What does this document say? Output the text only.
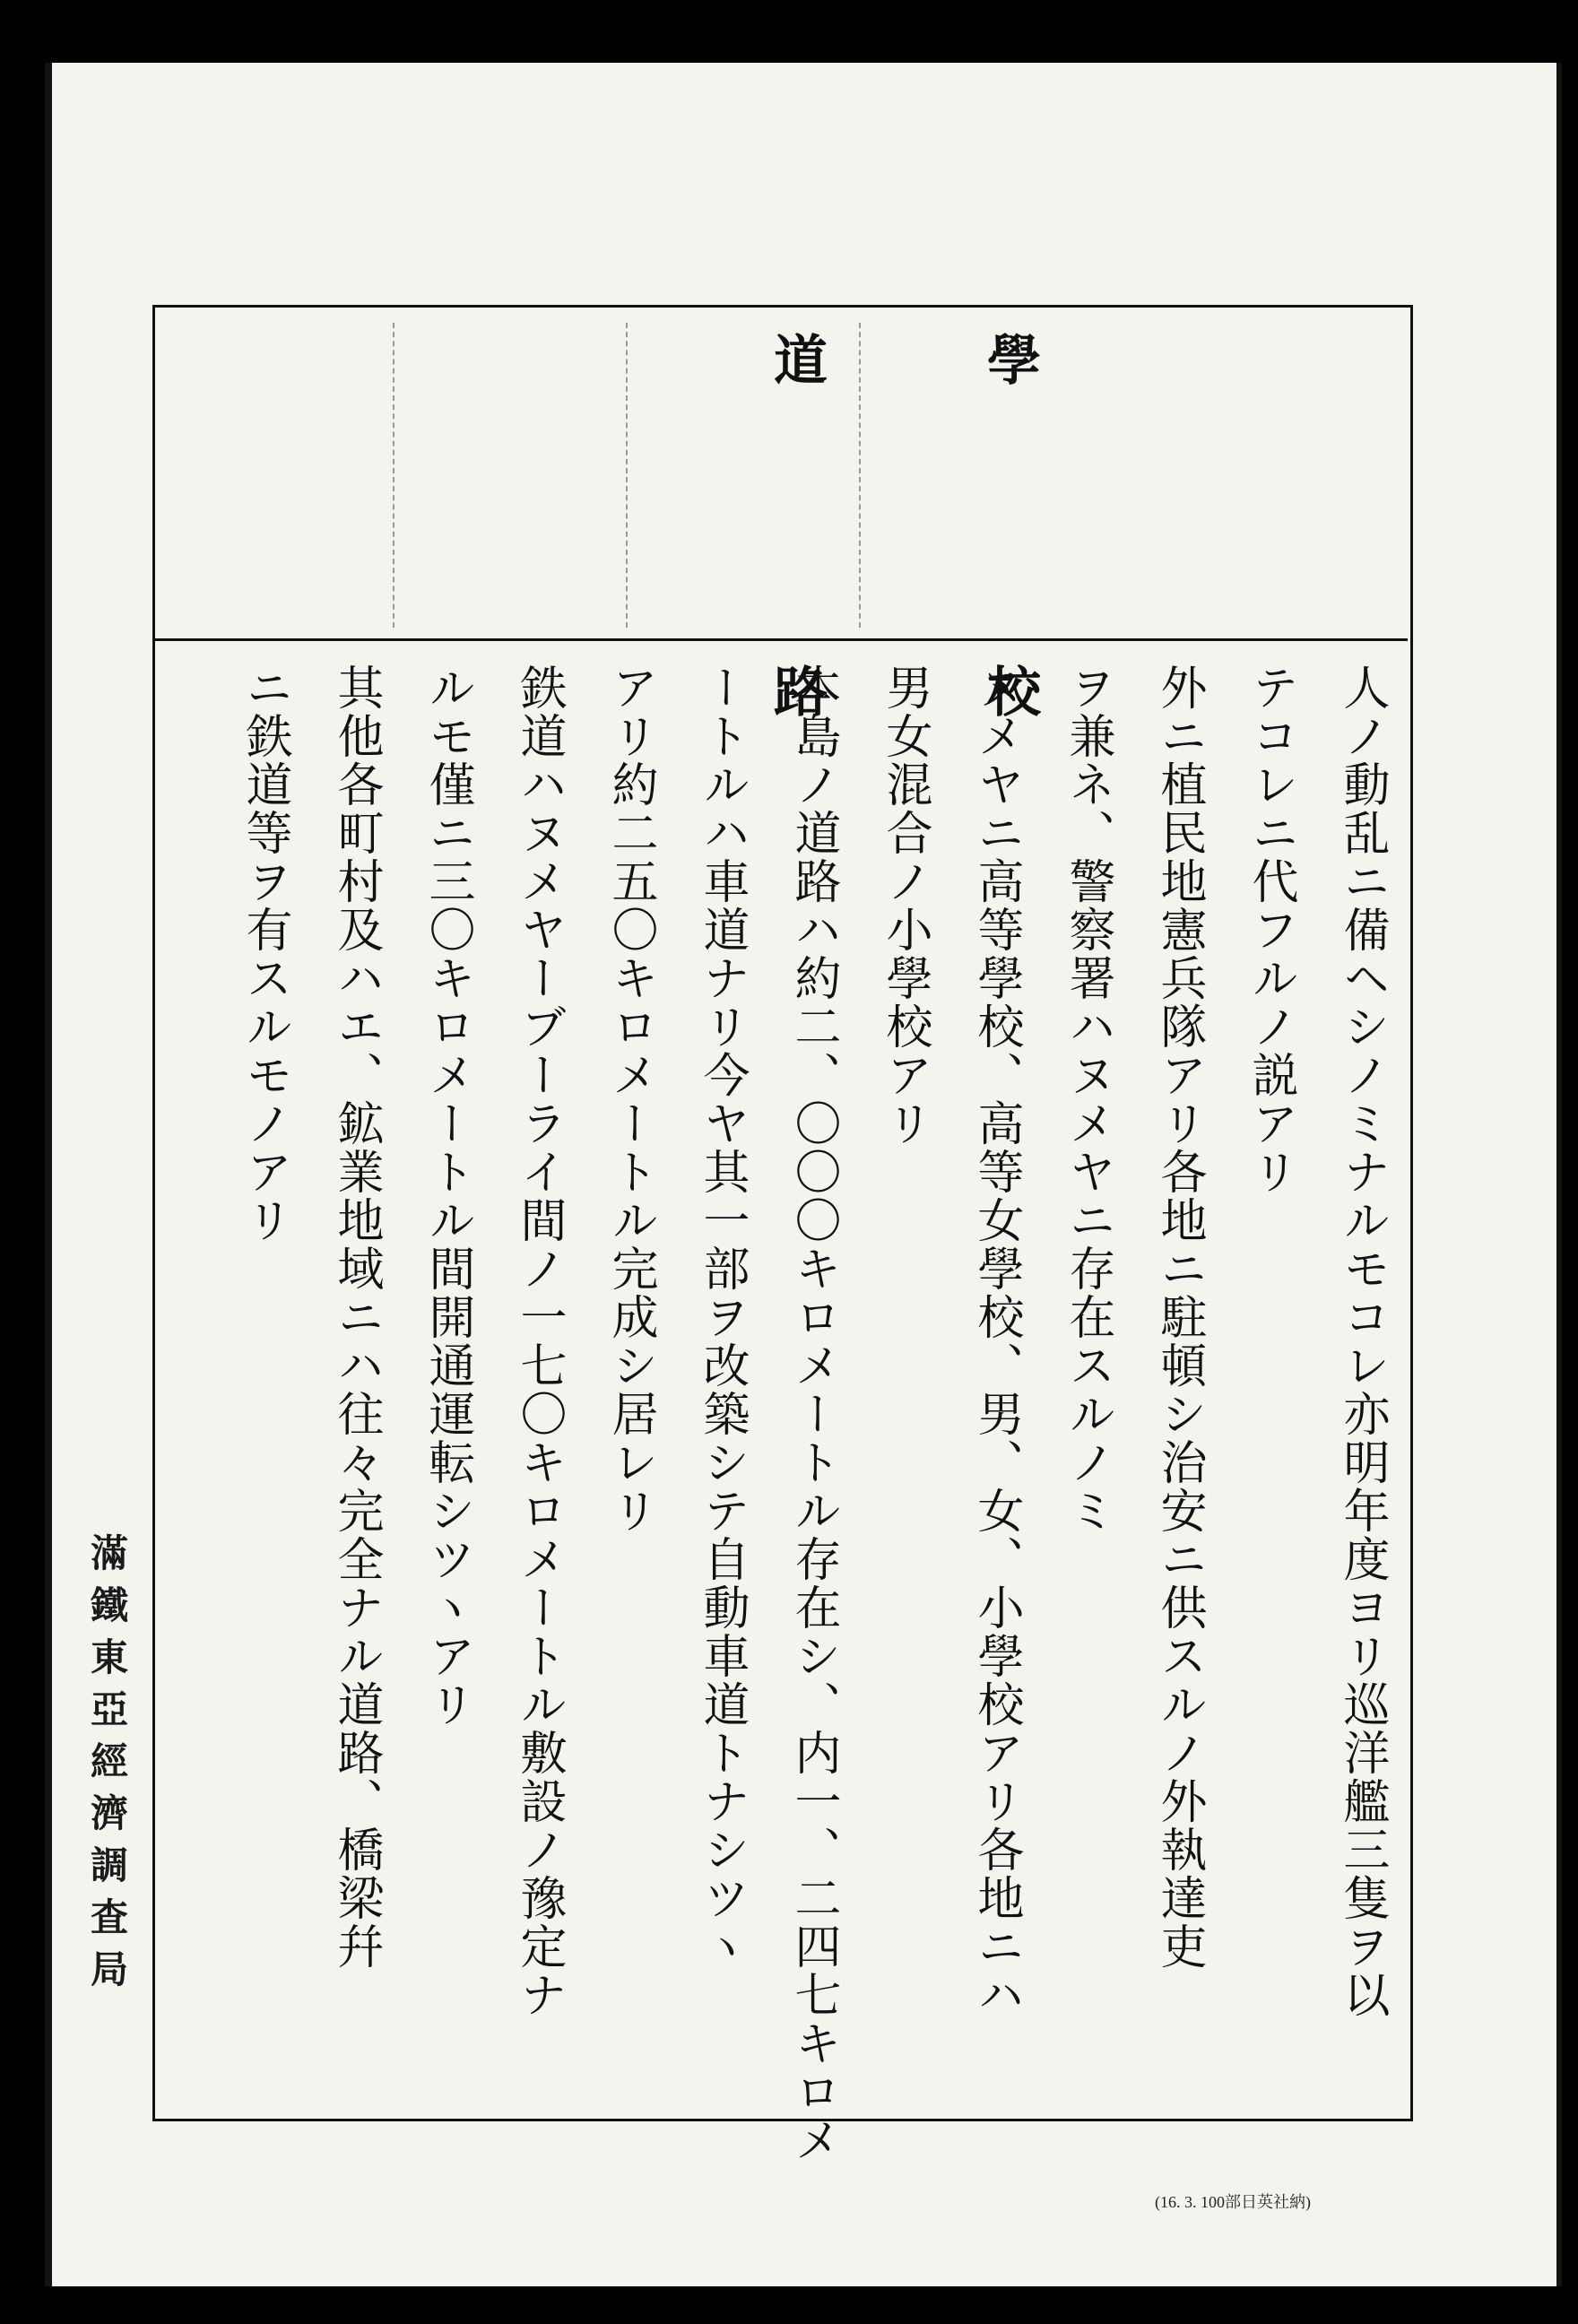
學 校
道 路
人ノ動乱ニ備ヘシノミナルモコレ亦明年度ヨリ巡洋艦三隻ヲ以
テコレニ代フルノ説アリ
外ニ植民地憲兵隊アリ各地ニ駐頓シ治安ニ供スルノ外執達吏
ヲ兼ネ、警察署ハヌメヤニ存在スルノミ
ヌメヤニ高等學校、高等女學校、男、女、小學校アリ各地ニハ
男女混合ノ小學校アリ
本島ノ道路ハ約二、〇〇〇キロメートル存在シ、内一、二四七キロメ
ートルハ車道ナリ今ヤ其一部ヲ改築シテ自動車道トナシツヽ
アリ約二五〇キロメートル完成シ居レリ
鉄道ハヌメヤーブーライ間ノ一七〇キロメートル敷設ノ豫定ナ
ルモ僅ニ三〇キロメートル間開通運転シツヽアリ
其他各町村及ハエ、鉱業地域ニハ往々完全ナル道路、橋梁幷
ニ鉄道等ヲ有スルモノアリ
滿鐵東亞經濟調査局
(16. 3. 100部日英社納)
